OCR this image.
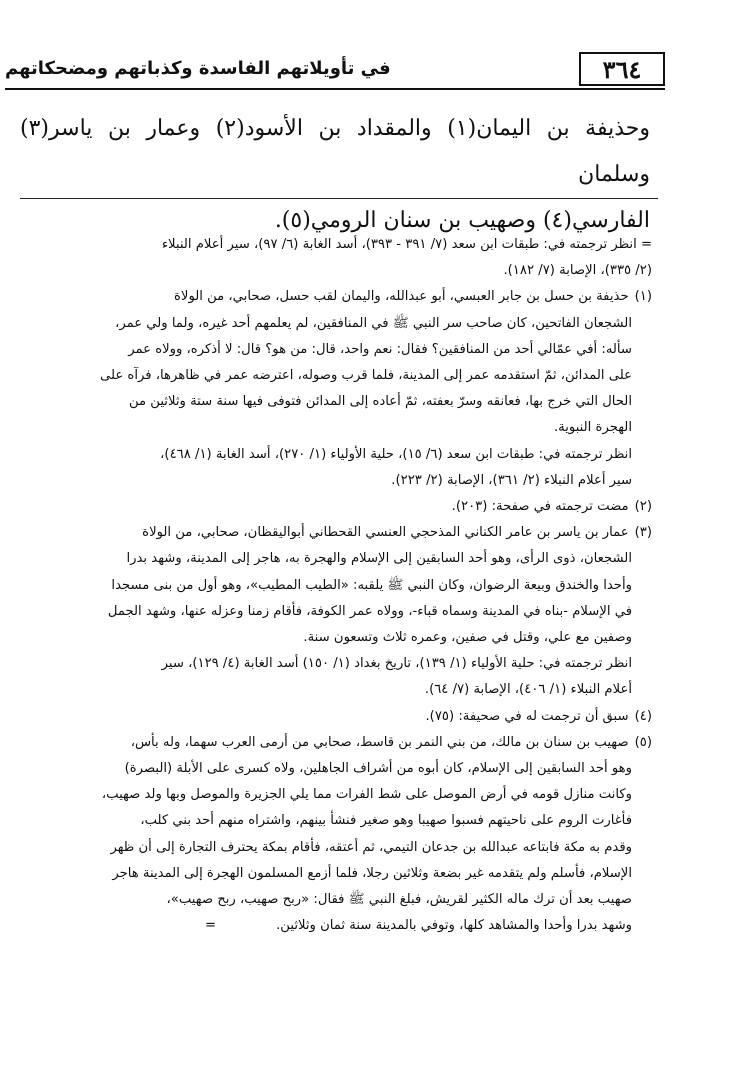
٣٦٤
في تأويلاتهم الفاسدة وكذباتهم ومضحكاتهم

وحذيفة بن اليمان(١) والمقداد بن الأسود(٢) وعمار بن ياسر(٣) وسلمان

الفارسي(٤) وصهيب بن سنان الرومي(٥).

= انظر ترجمته في: طبقات ابن سعد (٧/ ٣٩١ - ٣٩٣)، أسد الغابة (٦/ ٩٧)، سير أعلام النبلاء
(٢/ ٣٣٥)، الإصابة (٧/ ١٨٢).
(١)حذيفة بن حسل بن جابر العبسي، أبو عبدالله، واليمان لقب حسل، صحابي، من الولاة
الشجعان الفاتحين، كان صاحب سر النبي ﷺ في المنافقين، لم يعلمهم أحد غيره، ولما ولي عمر،
سأله: أفي عمّالي أحد من المنافقين؟ فقال: نعم واحد، قال: من هو؟ قال: لا أذكره، وولاه عمر
على المدائن، ثمّ استقدمه عمر إلى المدينة، فلما قرب وصوله، اعترضه عمر في ظاهرها، فرآه على
الحال التي خرج بها، فعانقه وسرّ بعفته، ثمّ أعاده إلى المدائن فتوفى فيها سنة ستة وثلاثين من
الهجرة النبوية.
انظر ترجمته في: طبقات ابن سعد (٦/ ١٥)، حلية الأولياء (١/ ٢٧٠)، أسد الغابة (١/ ٤٦٨)،
سير أعلام النبلاء (٢/ ٣٦١)، الإصابة (٢/ ٢٢٣).
(٢)مضت ترجمته في صفحة: (٢٠٣).
(٣)عمار بن ياسر بن عامر الكناني المذحجي العنسي القحطاني أبواليقظان، صحابي، من الولاة
الشجعان، ذوى الرأى، وهو أحد السابقين إلى الإسلام والهجرة به، هاجر إلى المدينة، وشهد بدرا
وأحدا والخندق وبيعة الرضوان، وكان النبي ﷺ يلقبه: «الطيب المطيب»، وهو أول من بنى مسجدا
في الإسلام -بناه في المدينة وسماه قباء-، وولاه عمر الكوفة، فأقام زمنا وعزله عنها، وشهد الجمل
وصفين مع علي، وقتل في صفين، وعمره ثلاث وتسعون سنة.
انظر ترجمته في: حلية الأولياء (١/ ١٣٩)، تاريخ بغداد (١/ ١٥٠) أسد الغابة (٤/ ١٢٩)، سير
أعلام النبلاء (١/ ٤٠٦)، الإصابة (٧/ ٦٤).
(٤)سبق أن ترجمت له في صحيفة: (٧٥).
(٥)صهيب بن سنان بن مالك، من بني النمر بن قاسط، صحابي من أرمى العرب سهما، وله بأس،
وهو أحد السابقين إلى الإسلام، كان أبوه من أشراف الجاهلين، ولاه كسرى على الأبلة (البصرة)
وكانت منازل قومه في أرض الموصل على شط الفرات مما يلي الجزيرة والموصل وبها ولد صهيب،
فأغارت الروم على ناحيتهم فسبوا صهيبا وهو صغير فنشأ بينهم، واشتراه منهم أحد بني كلب،
وقدم به مكة فابتاعه عبدالله بن جدعان التيمي، ثم أعتقه، فأقام بمكة يحترف التجارة إلى أن ظهر
الإسلام، فأسلم ولم يتقدمه غير بضعة وثلاثين رجلا، فلما أزمع المسلمون الهجرة إلى المدينة هاجر
صهيب بعد أن ترك ماله الكثير لقريش، فبلغ النبي ﷺ فقال: «ربح صهيب، ربح صهيب»،
وشهد بدرا وأحدا والمشاهد كلها، وتوفي بالمدينة سنة ثمان وثلاثين.=
